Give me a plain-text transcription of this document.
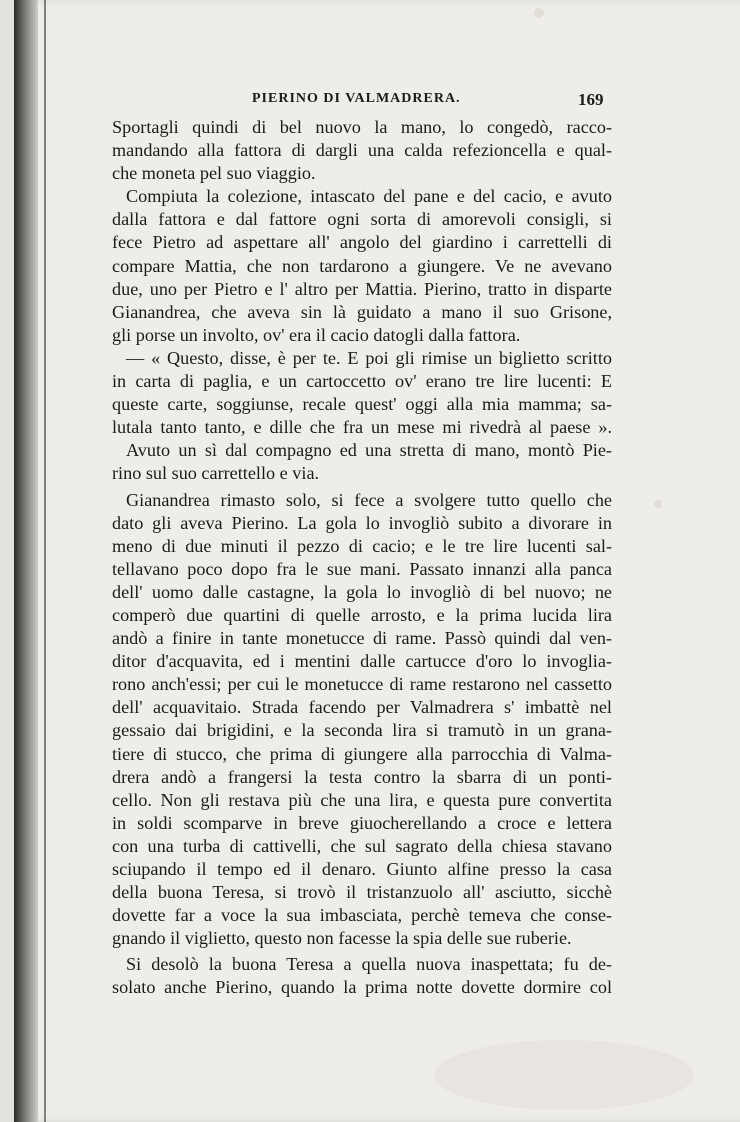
PIERINO DI VALMADRERA.	169
Sportagli quindi di bel nuovo la mano, lo congedò, racco-
mandando alla fattora di dargli una calda refezioncella e qual-
che moneta pel suo viaggio.
Compiuta la colezione, intascato del pane e del cacio, e avuto
dalla fattora e dal fattore ogni sorta di amorevoli consigli, si
fece Pietro ad aspettare all' angolo del giardino i carrettelli di
compare Mattia, che non tardarono a giungere. Ve ne avevano
due, uno per Pietro e l' altro per Mattia. Pierino, tratto in disparte
Gianandrea, che aveva sin là guidato a mano il suo Grisone,
gli porse un involto, ov' era il cacio datogli dalla fattora.
— « Questo, disse, è per te. E poi gli rimise un biglietto scritto
in carta di paglia, e un cartoccetto ov' erano tre lire lucenti: E
queste carte, soggiunse, recale quest' oggi alla mia mamma; sa-
lutala tanto tanto, e dille che fra un mese mi rivedrà al paese ».
Avuto un sì dal compagno ed una stretta di mano, montò Pie-
rino sul suo carrettello e via.
Gianandrea rimasto solo, si fece a svolgere tutto quello che
dato gli aveva Pierino. La gola lo invogliò subito a divorare in
meno di due minuti il pezzo di cacio; e le tre lire lucenti sal-
tellavano poco dopo fra le sue mani. Passato innanzi alla panca
dell' uomo dalle castagne, la gola lo invogliò di bel nuovo; ne
comperò due quartini di quelle arrosto, e la prima lucida lira
andò a finire in tante monetucce di rame. Passò quindi dal ven-
ditor d'acquavita, ed i mentini dalle cartucce d'oro lo invoglia-
rono anch'essi; per cui le monetucce di rame restarono nel cassetto
dell' acquavitaio. Strada facendo per Valmadrera s' imbattè nel
gessaio dai brigidini, e la seconda lira si tramutò in un grana-
tiere di stucco, che prima di giungere alla parrocchia di Valma-
drera andò a frangersi la testa contro la sbarra di un ponti-
cello. Non gli restava più che una lira, e questa pure convertita
in soldi scomparve in breve giuocherellando a croce e lettera
con una turba di cattivelli, che sul sagrato della chiesa stavano
sciupando il tempo ed il denaro. Giunto alfine presso la casa
della buona Teresa, si trovò il tristanzuolo all' asciutto, sicchè
dovette far a voce la sua imbasciata, perchè temeva che conse-
gnando il viglietto, questo non facesse la spia delle sue ruberie.
Si desolò la buona Teresa a quella nuova inaspettata; fu de-
solato anche Pierino, quando la prima notte dovette dormire col
